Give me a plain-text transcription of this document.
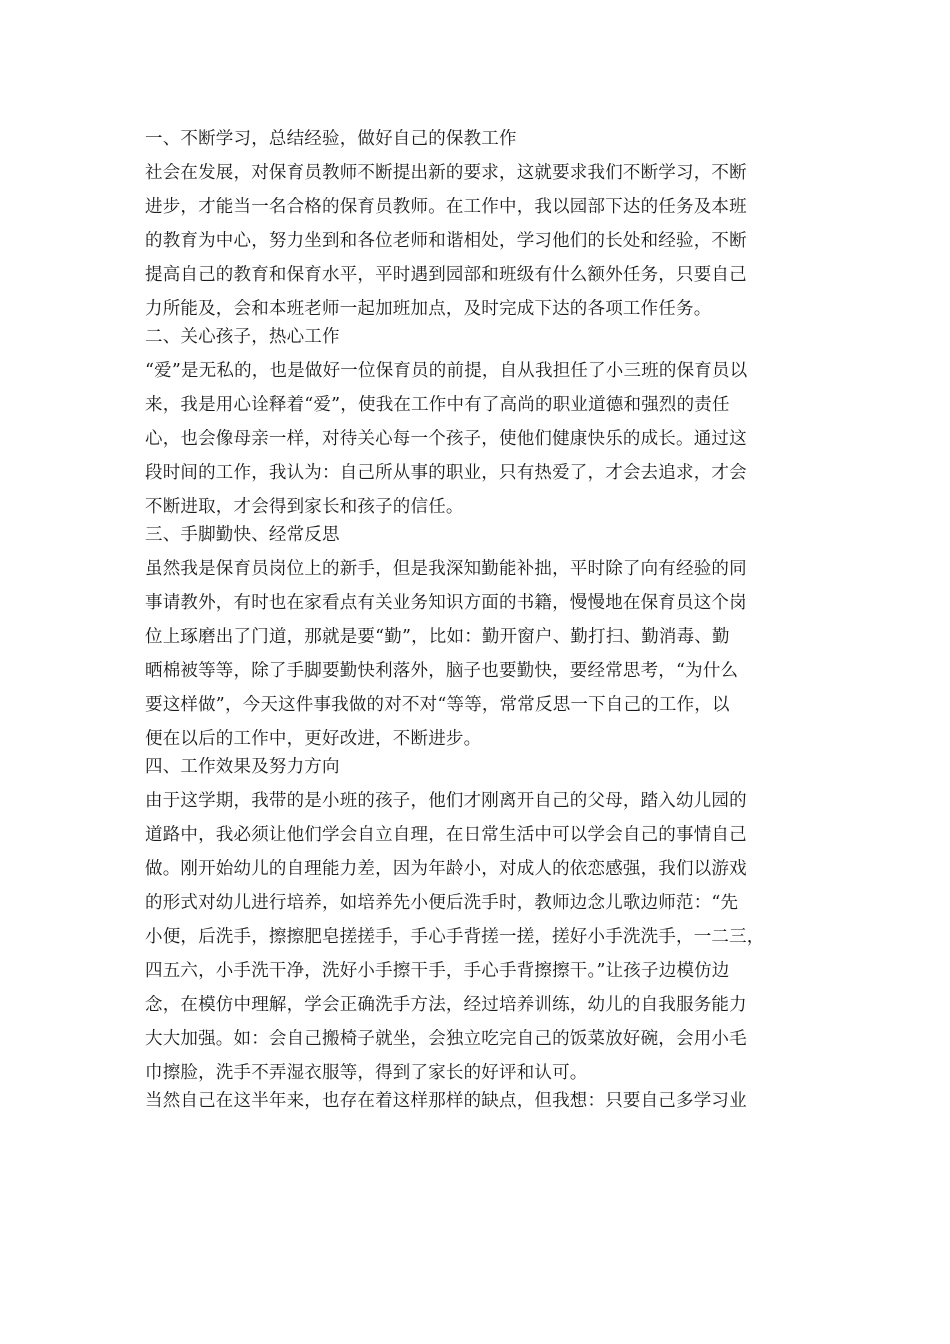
一、不断学习，总结经验，做好自己的保教工作
社会在发展，对保育员教师不断提出新的要求，这就要求我们不断学习，不断
进步，才能当一名合格的保育员教师。在工作中，我以园部下达的任务及本班
的教育为中心，努力坐到和各位老师和谐相处，学习他们的长处和经验，不断
提高自己的教育和保育水平，平时遇到园部和班级有什么额外任务，只要自己
力所能及，会和本班老师一起加班加点，及时完成下达的各项工作任务。
二、关心孩子，热心工作
“爱”是无私的，也是做好一位保育员的前提，自从我担任了小三班的保育员以
来，我是用心诠释着“爱”，使我在工作中有了高尚的职业道德和强烈的责任
心，也会像母亲一样，对待关心每一个孩子，使他们健康快乐的成长。通过这
段时间的工作，我认为：自己所从事的职业，只有热爱了，才会去追求，才会
不断进取，才会得到家长和孩子的信任。
三、手脚勤快、经常反思
虽然我是保育员岗位上的新手，但是我深知勤能补拙，平时除了向有经验的同
事请教外，有时也在家看点有关业务知识方面的书籍，慢慢地在保育员这个岗
位上琢磨出了门道，那就是要“勤”，比如：勤开窗户、勤打扫、勤消毒、勤
晒棉被等等，除了手脚要勤快利落外，脑子也要勤快，要经常思考，“为什么
要这样做”，今天这件事我做的对不对“等等，常常反思一下自己的工作，以
便在以后的工作中，更好改进，不断进步。
四、工作效果及努力方向
由于这学期，我带的是小班的孩子，他们才刚离开自己的父母，踏入幼儿园的
道路中，我必须让他们学会自立自理，在日常生活中可以学会自己的事情自己
做。刚开始幼儿的自理能力差，因为年龄小，对成人的依恋感强，我们以游戏
的形式对幼儿进行培养，如培养先小便后洗手时，教师边念儿歌边师范：“先
小便，后洗手，擦擦肥皂搓搓手，手心手背搓一搓，搓好小手洗洗手，一二三，
四五六，小手洗干净，洗好小手擦干手，手心手背擦擦干。”让孩子边模仿边
念，在模仿中理解，学会正确洗手方法，经过培养训练，幼儿的自我服务能力
大大加强。如：会自己搬椅子就坐，会独立吃完自己的饭菜放好碗，会用小毛
巾擦脸，洗手不弄湿衣服等，得到了家长的好评和认可。
当然自己在这半年来，也存在着这样那样的缺点，但我想：只要自己多学习业
